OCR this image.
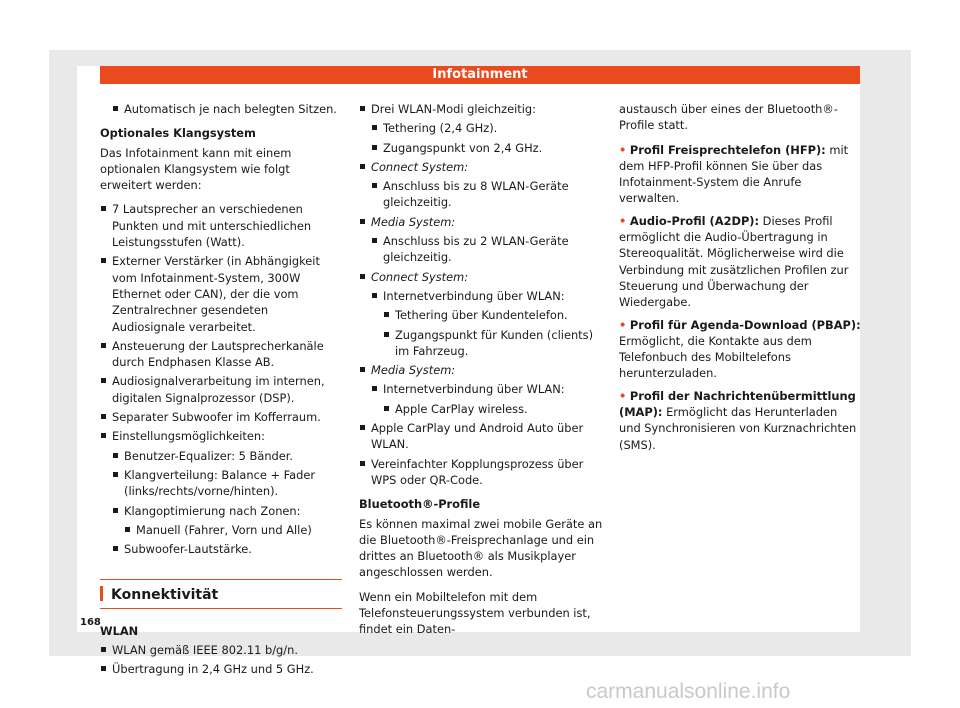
Infotainment
Automatisch je nach belegten Sitzen.
Optionales Klangsystem
Das Infotainment kann mit einem optionalen Klangsystem wie folgt erweitert werden:
7 Lautsprecher an verschiedenen Punkten und mit unterschiedlichen Leistungsstufen (Watt).
Externer Verstärker (in Abhängigkeit vom Infotainment-System, 300W Ethernet oder CAN), der die vom Zentralrechner gesendeten Audiosignale verarbeitet.
Ansteuerung der Lautsprecherkanäle durch Endphasen Klasse AB.
Audiosignalverarbeitung im internen, digitalen Signalprozessor (DSP).
Separater Subwoofer im Kofferraum.
Einstellungsmöglichkeiten:
Benutzer-Equalizer: 5 Bänder.
Klangverteilung: Balance + Fader (links/rechts/vorne/hinten).
Klangoptimierung nach Zonen:
Manuell (Fahrer, Vorn und Alle)
Subwoofer-Lautstärke.
Konnektivität
WLAN
WLAN gemäß IEEE 802.11 b/g/n.
Übertragung in 2,4 GHz und 5 GHz.
Drei WLAN-Modi gleichzeitig:
Tethering (2,4 GHz).
Zugangspunkt von 2,4 GHz.
Connect System:
Anschluss bis zu 8 WLAN-Geräte gleichzeitig.
Media System:
Anschluss bis zu 2 WLAN-Geräte gleichzeitig.
Connect System:
Internetverbindung über WLAN:
Tethering über Kundentelefon.
Zugangspunkt für Kunden (clients) im Fahrzeug.
Media System:
Internetverbindung über WLAN:
Apple CarPlay wireless.
Apple CarPlay und Android Auto über WLAN.
Vereinfachter Kopplungsprozess über WPS oder QR-Code.
Bluetooth®-Profile
Es können maximal zwei mobile Geräte an die Bluetooth®-Freisprechanlage und ein drittes an Bluetooth® als Musikplayer angeschlossen werden.
Wenn ein Mobiltelefon mit dem Telefonsteuerungssystem verbunden ist, findet ein Daten-
austausch über eines der Bluetooth®-Profile statt.
• Profil Freisprechtelefon (HFP): mit dem HFP-Profil können Sie über das Infotainment-System die Anrufe verwalten.
• Audio-Profil (A2DP): Dieses Profil ermöglicht die Audio-Übertragung in Stereoqualität. Möglicherweise wird die Verbindung mit zusätzlichen Profilen zur Steuerung und Überwachung der Wiedergabe.
• Profil für Agenda-Download (PBAP): Ermöglicht, die Kontakte aus dem Telefonbuch des Mobiltelefons herunterzuladen.
• Profil der Nachrichtenübermittlung (MAP): Ermöglicht das Herunterladen und Synchronisieren von Kurznachrichten (SMS).
168
carmanualsonline.info
